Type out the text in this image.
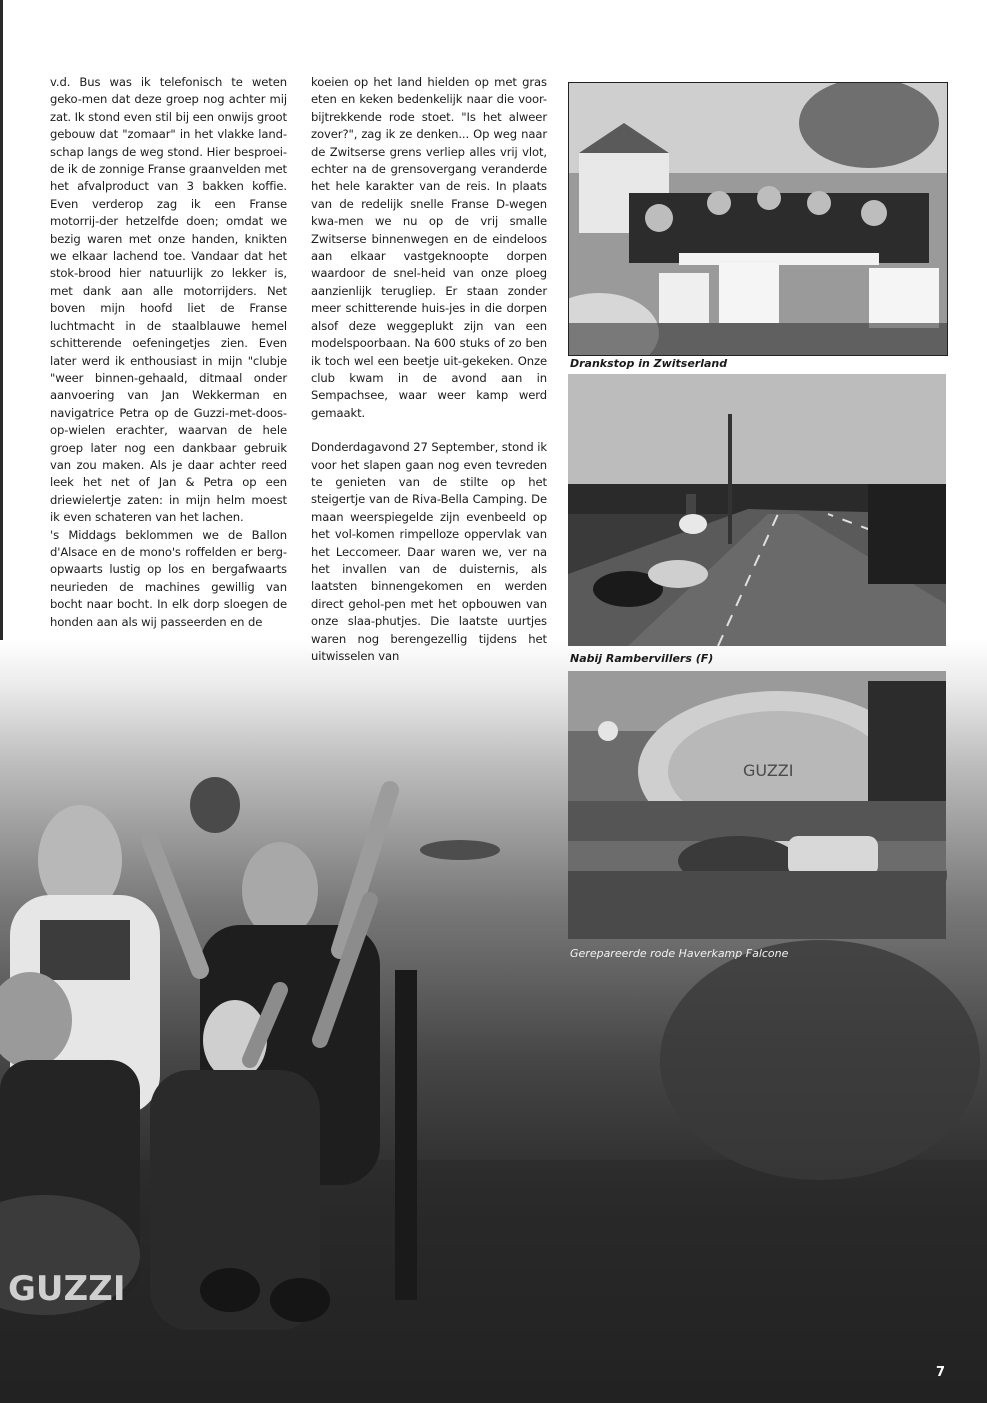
GUZZI

v.d. Bus was ik telefonisch te weten geko-men dat deze groep nog achter mij zat. Ik stond even stil bij een onwijs groot gebouw dat "zomaar" in het vlakke land-schap langs de weg stond. Hier besproei-de ik de zonnige Franse graanvelden met het afvalproduct van 3 bakken koffie. Even verderop zag ik een Franse motorrij-der hetzelfde doen; omdat we bezig waren met onze handen, knikten we elkaar lachend toe. Vandaar dat het stok-brood hier natuurlijk zo lekker is, met dank aan alle motorrijders. Net boven mijn hoofd liet de Franse luchtmacht in de staalblauwe hemel schitterende oefeningetjes zien. Even later werd ik enthousiast in mijn "clubje "weer binnen-gehaald, ditmaal onder aanvoering van Jan Wekkerman en navigatrice Petra op de Guzzi-met-doos-op-wielen erachter, waarvan de hele groep later nog een dankbaar gebruik van zou maken. Als je daar achter reed leek het net of Jan & Petra op een driewielertje zaten: in mijn helm moest ik even schateren van het lachen.

's Middags beklommen we de Ballon d'Alsace en de mono's roffelden er berg-opwaarts lustig op los en bergafwaarts neurieden de machines gewillig van bocht naar bocht. In elk dorp sloegen de honden aan als wij passeerden en de

koeien op het land hielden op met gras eten en keken bedenkelijk naar die voor-bijtrekkende rode stoet. "Is het alweer zover?", zag ik ze denken... Op weg naar de Zwitserse grens verliep alles vrij vlot, echter na de grensovergang veranderde het hele karakter van de reis. In plaats van de redelijk snelle Franse D-wegen kwa-men we nu op de vrij smalle Zwitserse binnenwegen en de eindeloos aan elkaar vastgeknoopte dorpen waardoor de snel-heid van onze ploeg aanzienlijk terugliep. Er staan zonder meer schitterende huis-jes in die dorpen alsof deze weggeplukt zijn van een modelspoorbaan. Na 600 stuks of zo ben ik toch wel een beetje uit-gekeken. Onze club kwam in de avond aan in Sempachsee, waar weer kamp werd gemaakt.

Donderdagavond 27 September, stond ik voor het slapen gaan nog even tevreden te genieten van de stilte op het steigertje van de Riva-Bella Camping. De maan weerspiegelde zijn evenbeeld op het vol-komen rimpelloze oppervlak van het Leccomeer. Daar waren we, ver na het invallen van de duisternis, als laatsten binnengekomen en werden direct gehol-pen met het opbouwen van onze slaa-phutjes. Die laatste uurtjes waren nog berengezellig tijdens het uitwisselen van

Drankstop in Zwitserland
Nabij Rambervillers (F)
GUZZI
Gerepareerde rode Haverkamp Falcone
7
